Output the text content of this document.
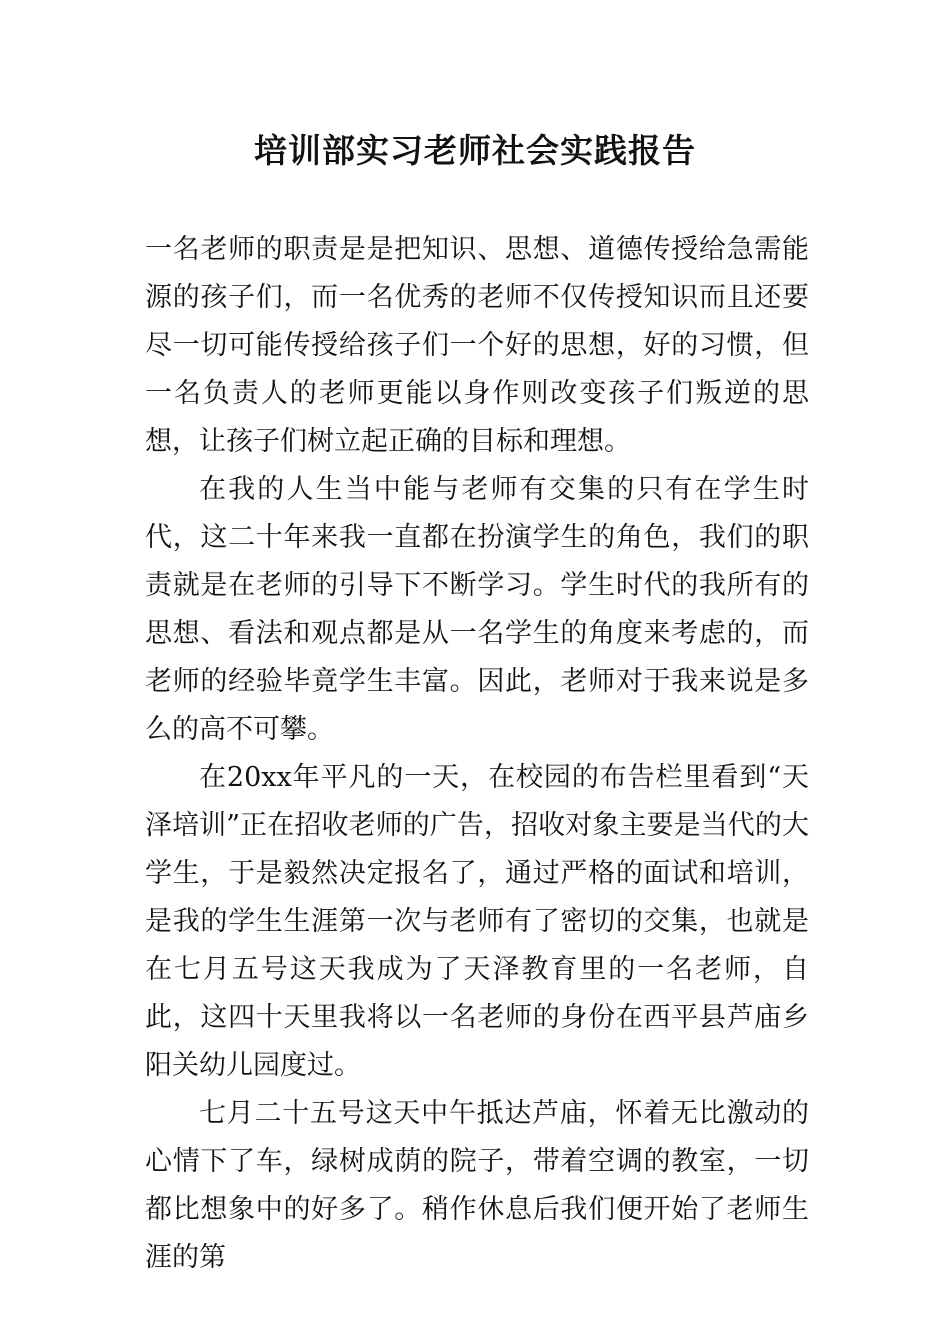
培训部实习老师社会实践报告

一名老师的职责是是把知识、思想、道德传授给急需能源的孩子们，而一名优秀的老师不仅传授知识而且还要尽一切可能传授给孩子们一个好的思想，好的习惯，但一名负责人的老师更能以身作则改变孩子们叛逆的思想，让孩子们树立起正确的目标和理想。

在我的人生当中能与老师有交集的只有在学生时代，这二十年来我一直都在扮演学生的角色，我们的职责就是在老师的引导下不断学习。学生时代的我所有的思想、看法和观点都是从一名学生的角度来考虑的，而老师的经验毕竟学生丰富。因此，老师对于我来说是多么的高不可攀。

在20xx年平凡的一天，在校园的布告栏里看到“天泽培训”正在招收老师的广告，招收对象主要是当代的大学生，于是毅然决定报名了，通过严格的面试和培训，是我的学生生涯第一次与老师有了密切的交集，也就是在七月五号这天我成为了天泽教育里的一名老师，自此，这四十天里我将以一名老师的身份在西平县芦庙乡阳关幼儿园度过。

七月二十五号这天中午抵达芦庙，怀着无比激动的心情下了车，绿树成荫的院子，带着空调的教室，一切都比想象中的好多了。稍作休息后我们便开始了老师生涯的第
